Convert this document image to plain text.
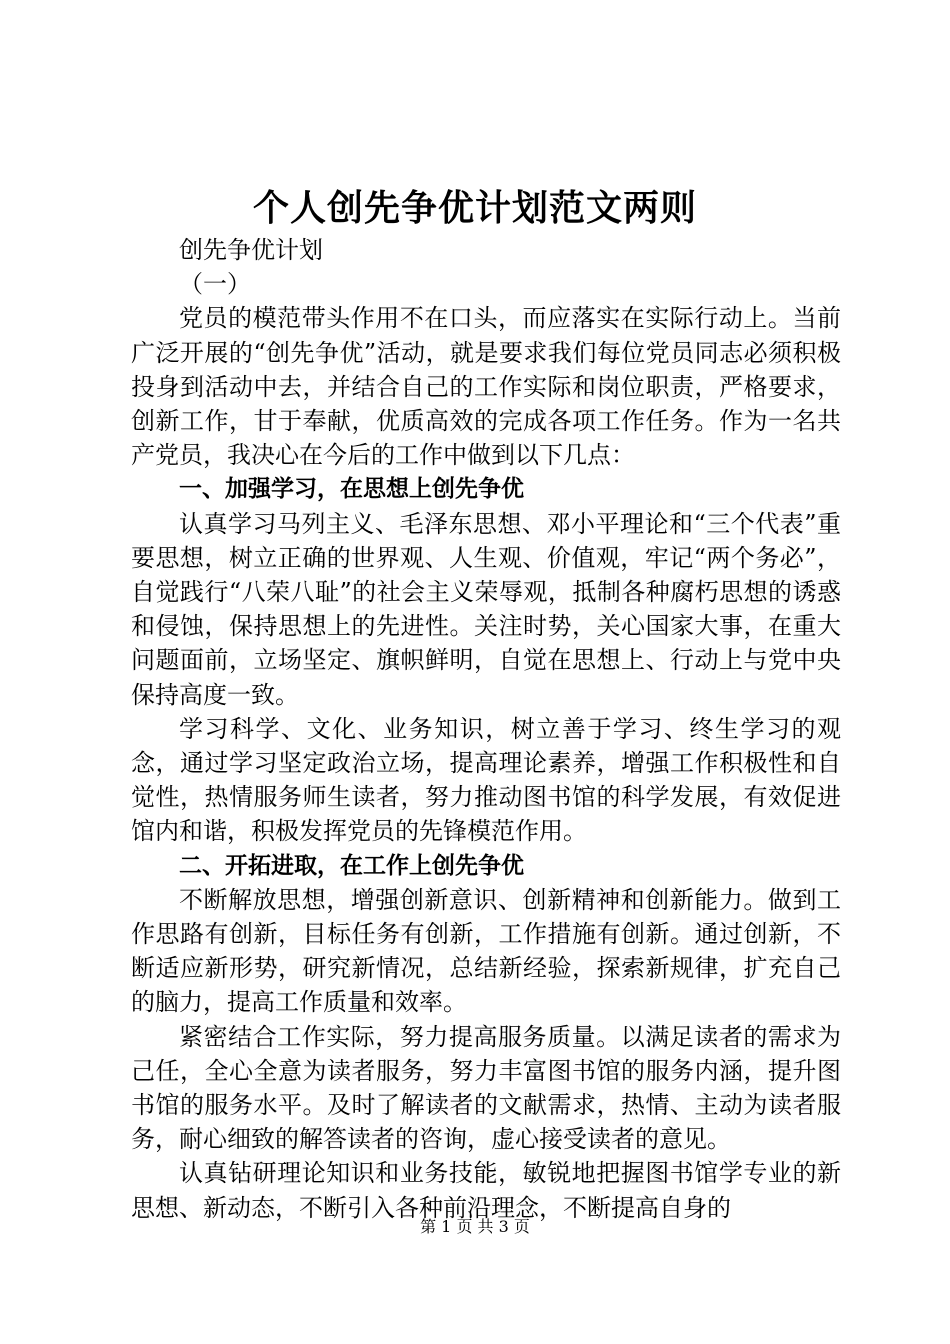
个人创先争优计划范文两则

创先争优计划

（一）

党员的模范带头作用不在口头，而应落实在实际行动上。当前广泛开展的“创先争优”活动，就是要求我们每位党员同志必须积极投身到活动中去，并结合自己的工作实际和岗位职责，严格要求，创新工作，甘于奉献，优质高效的完成各项工作任务。作为一名共产党员，我决心在今后的工作中做到以下几点：

一、加强学习，在思想上创先争优

认真学习马列主义、毛泽东思想、邓小平理论和“三个代表”重要思想，树立正确的世界观、人生观、价值观，牢记“两个务必”，自觉践行“八荣八耻”的社会主义荣辱观，抵制各种腐朽思想的诱惑和侵蚀，保持思想上的先进性。关注时势，关心国家大事，在重大问题面前，立场坚定、旗帜鲜明，自觉在思想上、行动上与党中央保持高度一致。

学习科学、文化、业务知识，树立善于学习、终生学习的观念，通过学习坚定政治立场，提高理论素养，增强工作积极性和自觉性，热情服务师生读者，努力推动图书馆的科学发展，有效促进馆内和谐，积极发挥党员的先锋模范作用。

二、开拓进取，在工作上创先争优

不断解放思想，增强创新意识、创新精神和创新能力。做到工作思路有创新，目标任务有创新，工作措施有创新。通过创新，不断适应新形势，研究新情况，总结新经验，探索新规律，扩充自己的脑力，提高工作质量和效率。

紧密结合工作实际，努力提高服务质量。以满足读者的需求为己任，全心全意为读者服务，努力丰富图书馆的服务内涵，提升图书馆的服务水平。及时了解读者的文献需求，热情、主动为读者服务，耐心细致的解答读者的咨询，虚心接受读者的意见。

认真钻研理论知识和业务技能，敏锐地把握图书馆学专业的新思想、新动态，不断引入各种前沿理念，不断提高自身的

第 1 页 共 3 页
